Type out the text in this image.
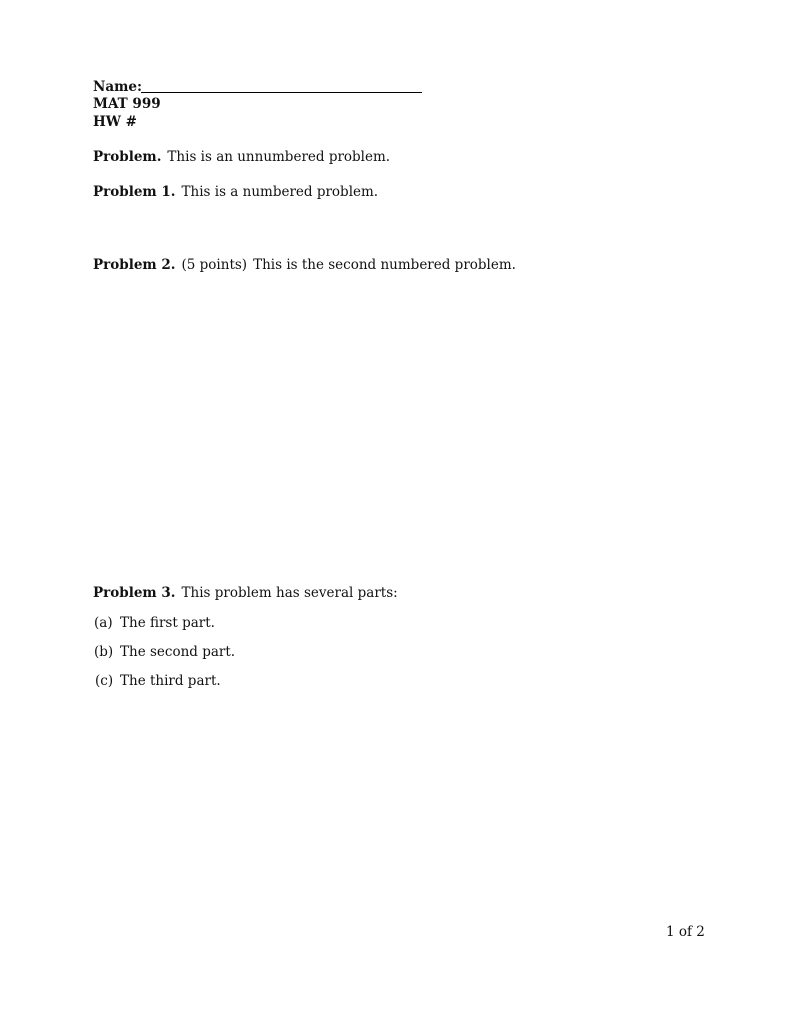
Name:
MAT 999
HW #
Problem. This is an unnumbered problem.
Problem 1. This is a numbered problem.
Problem 2. (5 points) This is the second numbered problem.
Problem 3. This problem has several parts:
(a) The first part.
(b) The second part.
(c) The third part.
1 of 2
